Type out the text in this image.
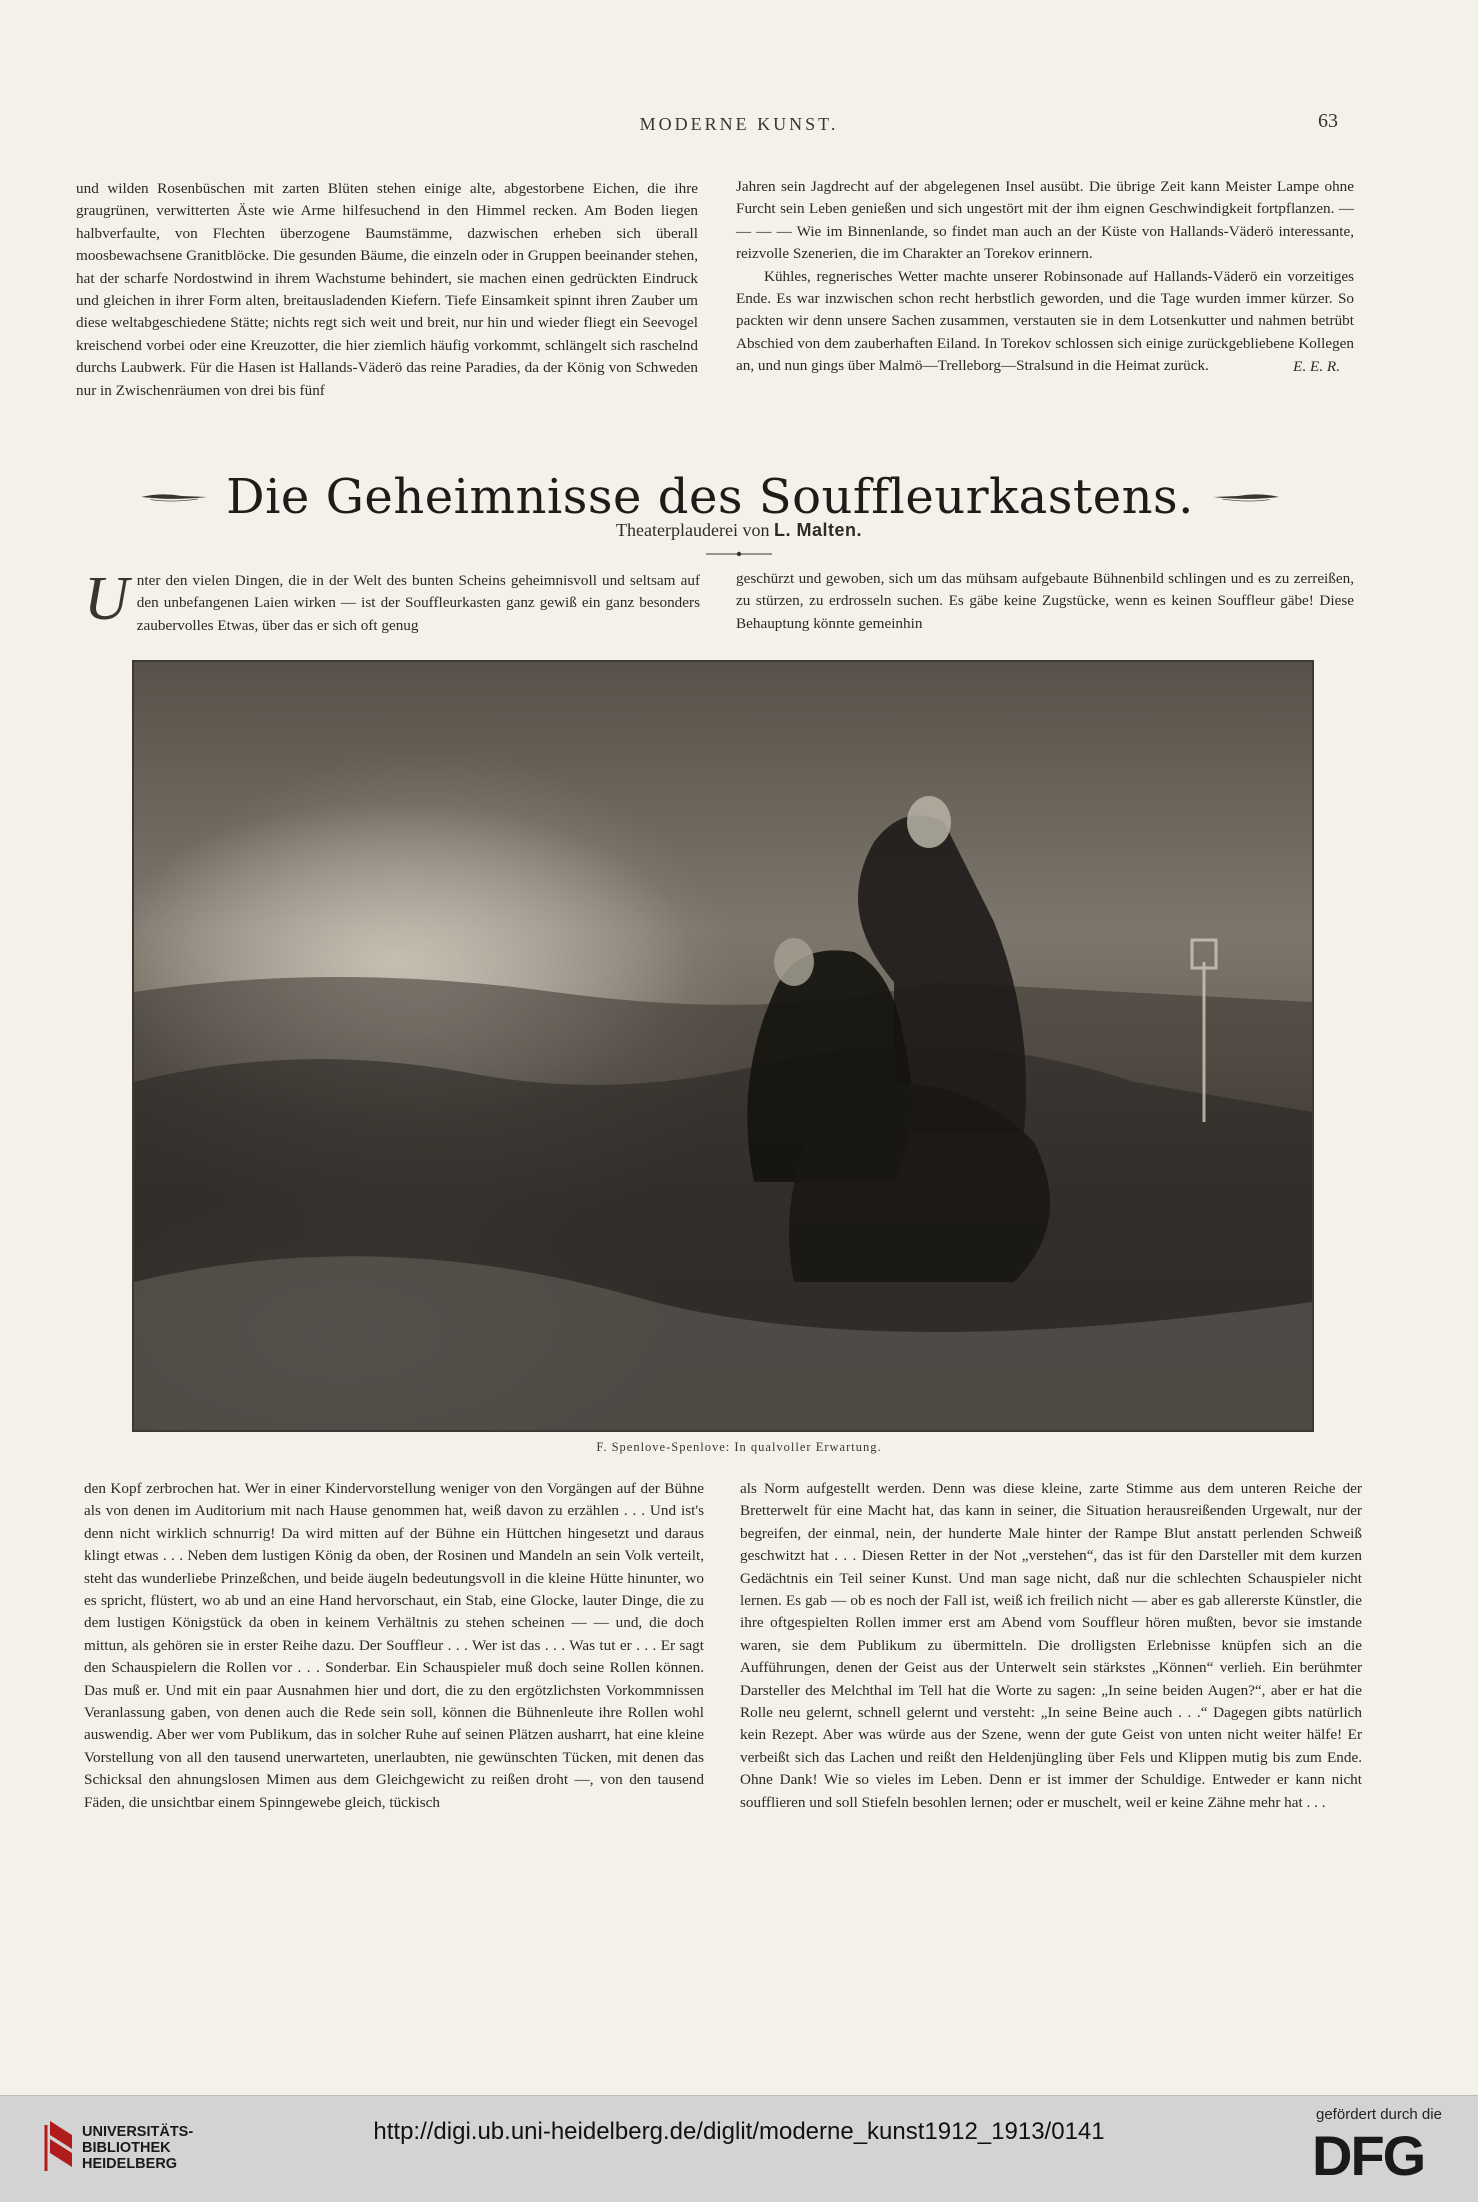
MODERNE KUNST.	63

und wilden Rosenbüschen mit zarten Blüten stehen einige alte, abgestorbene Eichen, die ihre graugrünen, verwitterten Äste wie Arme hilfesuchend in den Himmel recken. Am Boden liegen halbverfaulte, von Flechten überzogene Baumstämme, dazwischen erheben sich überall moosbewachsene Granitblöcke. Die gesunden Bäume, die einzeln oder in Gruppen beeinander stehen, hat der scharfe Nordostwind in ihrem Wachstume behindert, sie machen einen gedrückten Eindruck und gleichen in ihrer Form alten, breitausladenden Kiefern. Tiefe Einsamkeit spinnt ihren Zauber um diese weltabgeschiedene Stätte; nichts regt sich weit und breit, nur hin und wieder fliegt ein Seevogel kreischend vorbei oder eine Kreuzotter, die hier ziemlich häufig vorkommt, schlängelt sich raschelnd durchs Laubwerk. Für die Hasen ist Hallands-Väderö das reine Paradies, da der König von Schweden nur in Zwischenräumen von drei bis fünf

Jahren sein Jagdrecht auf der abgelegenen Insel ausübt. Die übrige Zeit kann Meister Lampe ohne Furcht sein Leben genießen und sich ungestört mit der ihm eignen Geschwindigkeit fortpflanzen. — — — — Wie im Binnenlande, so findet man auch an der Küste von Hallands-Väderö interessante, reizvolle Szenerien, die im Charakter an Torekov erinnern.

Kühles, regnerisches Wetter machte unserer Robinsonade auf Hallands-Väderö ein vorzeitiges Ende. Es war inzwischen schon recht herbstlich geworden, und die Tage wurden immer kürzer. So packten wir denn unsere Sachen zusammen, verstauten sie in dem Lotsenkutter und nahmen betrübt Abschied von dem zauberhaften Eiland. In Torekov schlossen sich einige zurückgebliebene Kollegen an, und nun gings über Malmö—Trelleborg—Stralsund in die Heimat zurück.	E. E. R.
Die Geheimnisse des Souffleurkastens.
Theaterplauderei von L. Malten.
U nter den vielen Dingen, die in der Welt des bunten Scheins geheimnisvoll und seltsam auf den unbefangenen Laien wirken — ist der Souffleurkasten ganz gewiß ein ganz besonders zaubervolles Etwas, über das er sich oft genug

geschürzt und gewoben, sich um das mühsam aufgebaute Bühnenbild schlingen und es zu zerreißen, zu stürzen, zu erdrosseln suchen. Es gäbe keine Zugstücke, wenn es keinen Souffleur gäbe! Diese Behauptung könnte gemeinhin

F. Spenlove-Spenlove: In qualvoller Erwartung.

den Kopf zerbrochen hat. Wer in einer Kindervorstellung weniger von den Vorgängen auf der Bühne als von denen im Auditorium mit nach Hause genommen hat, weiß davon zu erzählen . . . Und ist's denn nicht wirklich schnurrig! Da wird mitten auf der Bühne ein Hüttchen hingesetzt und daraus klingt etwas . . . Neben dem lustigen König da oben, der Rosinen und Mandeln an sein Volk verteilt, steht das wunderliebe Prinzeßchen, und beide äugeln bedeutungsvoll in die kleine Hütte hinunter, wo es spricht, flüstert, wo ab und an eine Hand hervorschaut, ein Stab, eine Glocke, lauter Dinge, die zu dem lustigen Königstück da oben in keinem Verhältnis zu stehen scheinen — — und, die doch mittun, als gehören sie in erster Reihe dazu. Der Souffleur . . . Wer ist das . . . Was tut er . . . Er sagt den Schauspielern die Rollen vor . . . Sonderbar. Ein Schauspieler muß doch seine Rollen können. Das muß er. Und mit ein paar Ausnahmen hier und dort, die zu den ergötzlichsten Vorkommnissen Veranlassung gaben, von denen auch die Rede sein soll, können die Bühnenleute ihre Rollen wohl auswendig. Aber wer vom Publikum, das in solcher Ruhe auf seinen Plätzen ausharrt, hat eine kleine Vorstellung von all den tausend unerwarteten, unerlaubten, nie gewünschten Tücken, mit denen das Schicksal den ahnungslosen Mimen aus dem Gleichgewicht zu reißen droht —, von den tausend Fäden, die unsichtbar einem Spinngewebe gleich, tückisch

als Norm aufgestellt werden. Denn was diese kleine, zarte Stimme aus dem unteren Reiche der Bretterwelt für eine Macht hat, das kann in seiner, die Situation herausreißenden Urgewalt, nur der begreifen, der einmal, nein, der hunderte Male hinter der Rampe Blut anstatt perlenden Schweiß geschwitzt hat . . . Diesen Retter in der Not „verstehen“, das ist für den Darsteller mit dem kurzen Gedächtnis ein Teil seiner Kunst. Und man sage nicht, daß nur die schlechten Schauspieler nicht lernen. Es gab — ob es noch der Fall ist, weiß ich freilich nicht — aber es gab allererste Künstler, die ihre oftgespielten Rollen immer erst am Abend vom Souffleur hören mußten, bevor sie imstande waren, sie dem Publikum zu übermitteln. Die drolligsten Erlebnisse knüpfen sich an die Aufführungen, denen der Geist aus der Unterwelt sein stärkstes „Können“ verlieh. Ein berühmter Darsteller des Melchthal im Tell hat die Worte zu sagen: „In seine beiden Augen?“, aber er hat die Rolle neu gelernt, schnell gelernt und versteht: „In seine Beine auch . . .“ Dagegen gibts natürlich kein Rezept. Aber was würde aus der Szene, wenn der gute Geist von unten nicht weiter hälfe! Er verbeißt sich das Lachen und reißt den Heldenjüngling über Fels und Klippen mutig bis zum Ende. Ohne Dank! Wie so vieles im Leben. Denn er ist immer der Schuldige. Entweder er kann nicht soufflieren und soll Stiefeln besohlen lernen; oder er muschelt, weil er keine Zähne mehr hat . . .

UNIVERSITÄTS-
BIBLIOTHEK
HEIDELBERG
http://digi.ub.uni-heidelberg.de/diglit/moderne_kunst1912_1913/0141
gefördert durch die
DFG
